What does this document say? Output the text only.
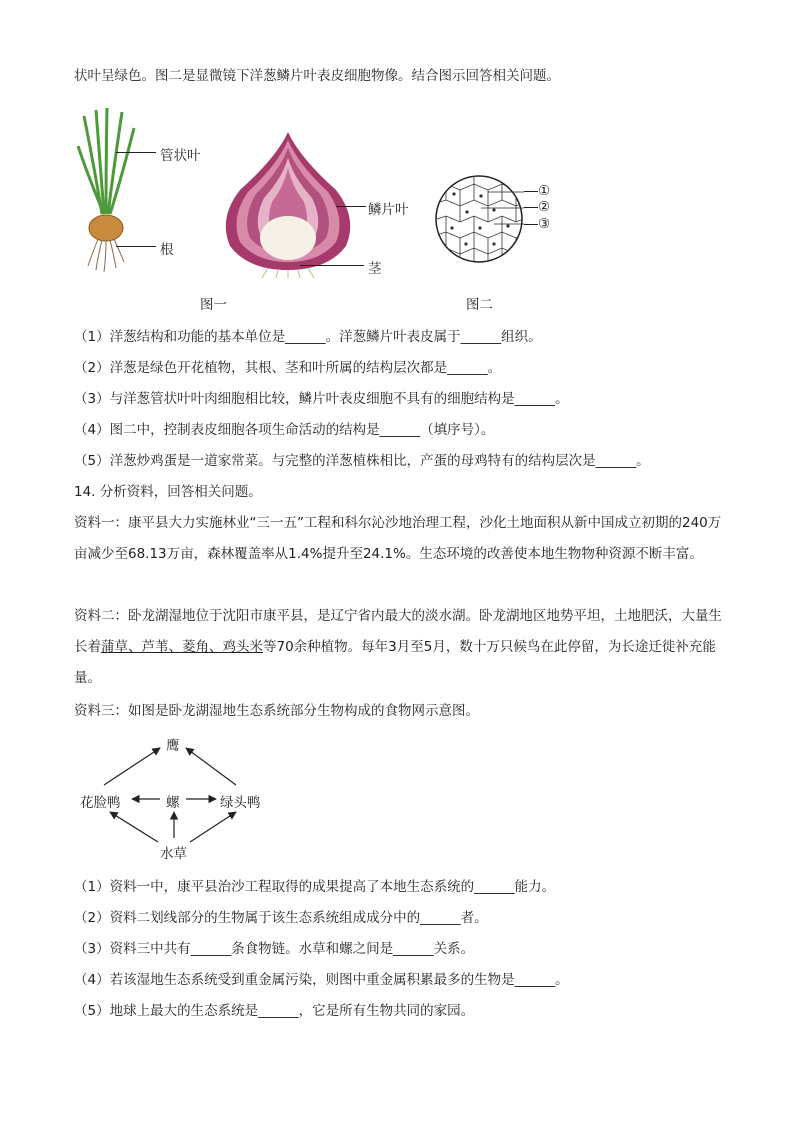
状叶呈绿色。图二是显微镜下洋葱鳞片叶表皮细胞物像。结合图示回答相关问题。
管状叶
根
鳞片叶
茎
图一
①
②
③
图二
（1）洋葱结构和功能的基本单位是______。洋葱鳞片叶表皮属于______组织。
（2）洋葱是绿色开花植物，其根、茎和叶所属的结构层次都是______。
（3）与洋葱管状叶叶肉细胞相比较，鳞片叶表皮细胞不具有的细胞结构是______。
（4）图二中，控制表皮细胞各项生命活动的结构是______（填序号）。
（5）洋葱炒鸡蛋是一道家常菜。与完整的洋葱植株相比，产蛋的母鸡特有的结构层次是______。
14. 分析资料，回答相关问题。
资料一：康平县大力实施林业“三一五”工程和科尔沁沙地治理工程，沙化土地面积从新中国成立初期的240万亩减少至68.13万亩，森林覆盖率从1.4%提升至24.1%。生态环境的改善使本地生物物种资源不断丰富。
资料二：卧龙湖湿地位于沈阳市康平县，是辽宁省内最大的淡水湖。卧龙湖地区地势平坦，土地肥沃，大量生长着蒲草、芦苇、菱角、鸡头米等70余种植物。每年3月至5月，数十万只候鸟在此停留，为长途迁徙补充能量。
资料三：如图是卧龙湖湿地生态系统部分生物构成的食物网示意图。
鹰
花脸鸭	螺	绿头鸭
水草
（1）资料一中，康平县治沙工程取得的成果提高了本地生态系统的______能力。
（2）资料二划线部分的生物属于该生态系统组成成分中的______者。
（3）资料三中共有______条食物链。水草和螺之间是______关系。
（4）若该湿地生态系统受到重金属污染，则图中重金属积累最多的生物是______。
（5）地球上最大的生态系统是______，它是所有生物共同的家园。
